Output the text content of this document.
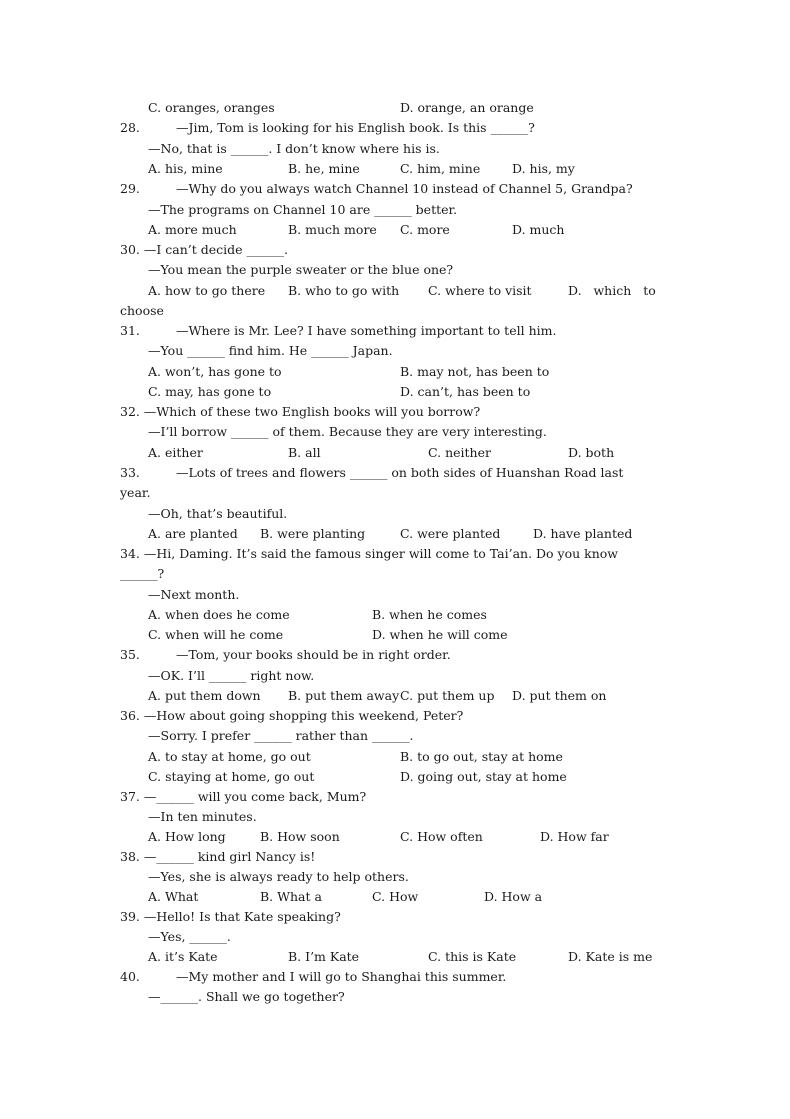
C. oranges, oranges	D. orange, an orange
28.	—Jim, Tom is looking for his English book. Is this ______?
—No, that is ______. I don’t know where his is.
A. his, mine	B. he, mine	C. him, mine	D. his, my
29.	—Why do you always watch Channel 10 instead of Channel 5, Grandpa?
—The programs on Channel 10 are ______ better.
A. more much	B. much more C. more	D. much
30. —I can’t decide ______.
—You mean the purple sweater or the blue one?
A. how to go there B. who to go with C. where to visit	D.   which   to
choose
31.	—Where is Mr. Lee? I have something important to tell him.
—You ______ find him. He ______ Japan.
A. won’t, has gone to	B. may not, has been to
C. may, has gone to	D. can’t, has been to
32. —Which of these two English books will you borrow?
—I’ll borrow ______ of them. Because they are very interesting.
A. either	B. all	C. neither	D. both
33.	—Lots of trees and flowers ______ on both sides of Huanshan Road last
year.
—Oh, that’s beautiful.
A. are planted B. were planting	C. were planted	D. have planted
34. —Hi, Daming. It’s said the famous singer will come to Tai’an. Do you know
______?
—Next month.
A. when does he come	B. when he comes
C. when will he come	D. when he will come
35.	—Tom, your books should be in right order.
—OK. I’ll ______ right now.
A. put them down B. put them away C. put them up D. put them on
36. —How about going shopping this weekend, Peter?
—Sorry. I prefer ______ rather than ______.
A. to stay at home, go out	B. to go out, stay at home
C. staying at home, go out	D. going out, stay at home
37. —______ will you come back, Mum?
—In ten minutes.
A. How long	B. How soon	C. How often	D. How far
38. —______ kind girl Nancy is!
—Yes, she is always ready to help others.
A. What	B. What a	C. How	D. How a
39. —Hello! Is that Kate speaking?
—Yes, ______.
A. it’s Kate	B. I’m Kate	C. this is Kate	D. Kate is me
40.	—My mother and I will go to Shanghai this summer.
—______. Shall we go together?
